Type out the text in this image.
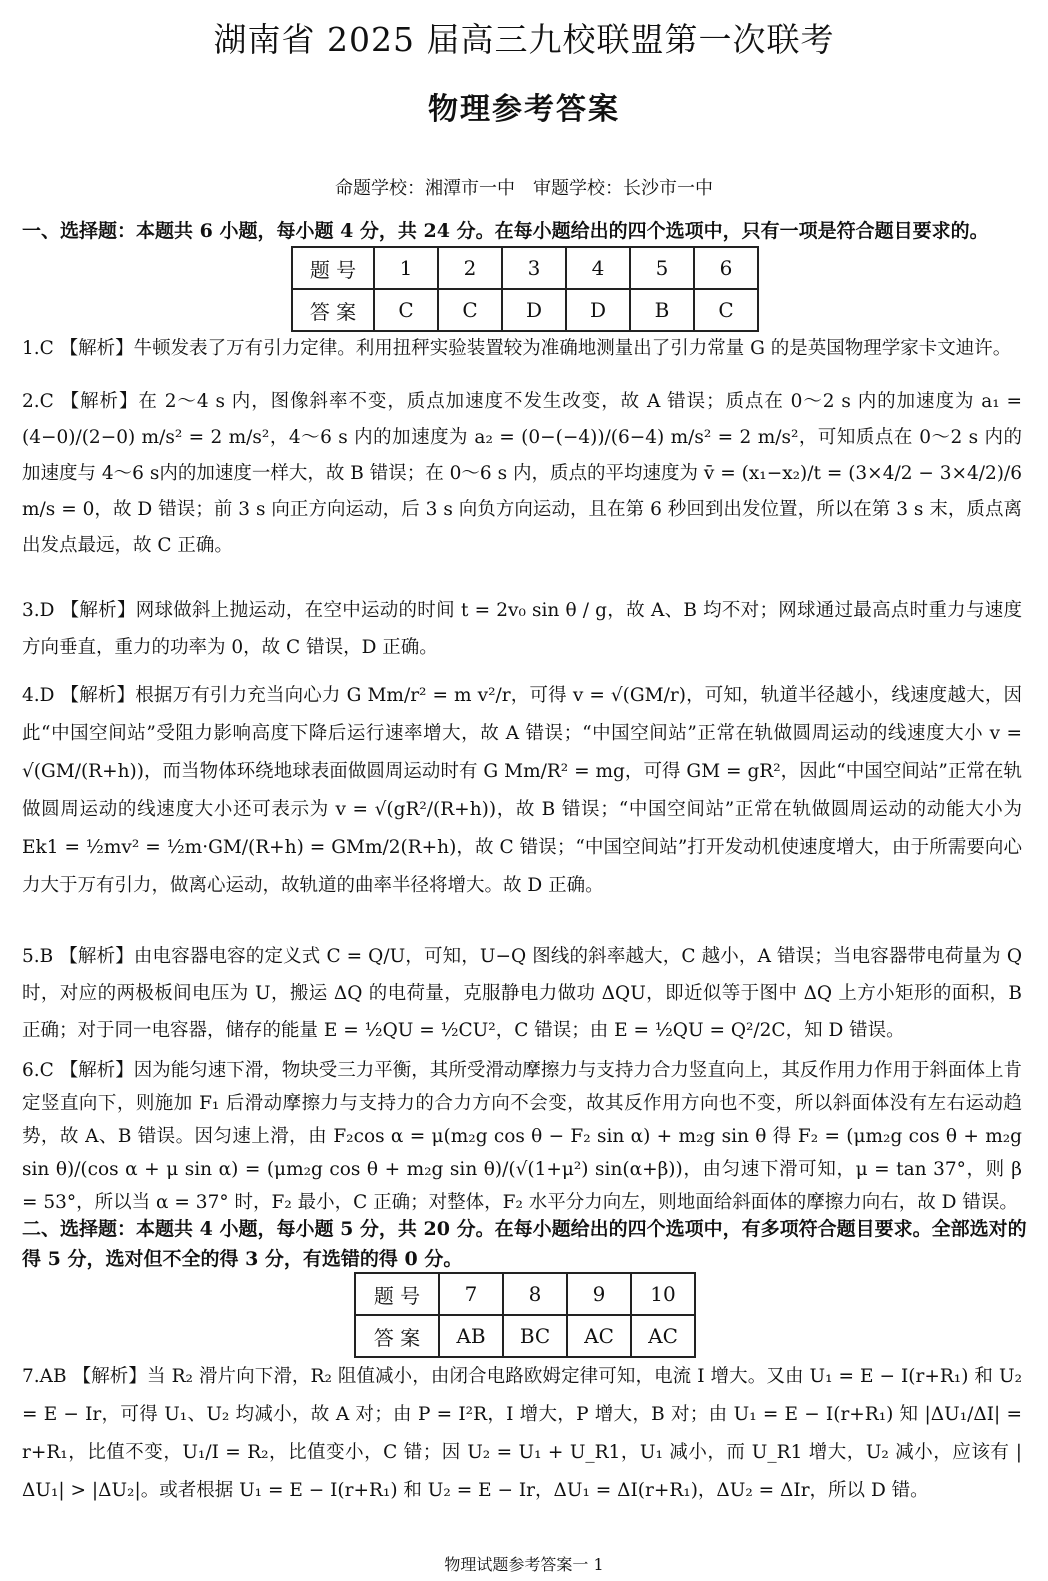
湖南省 2025 届高三九校联盟第一次联考
物理参考答案
命题学校：湘潭市一中　审题学校：长沙市一中
一、选择题：本题共 6 小题，每小题 4 分，共 24 分。在每小题给出的四个选项中，只有一项是符合题目要求的。
题 号	1	2	3	4	5	6
答 案	C	C	D	D	B	C
1.C 【解析】牛顿发表了万有引力定律。利用扭秤实验装置较为准确地测量出了引力常量 G 的是英国物理学家卡文迪许。
2.C 【解析】在 2～4 s 内，图像斜率不变，质点加速度不发生改变，故 A 错误；质点在 0～2 s 内的加速度为 a₁ = (4−0)/(2−0) m/s² = 2 m/s²，4～6 s 内的加速度为 a₂ = (0−(−4))/(6−4) m/s² = 2 m/s²，可知质点在 0～2 s 内的加速度与 4～6 s内的加速度一样大，故 B 错误；在 0～6 s 内，质点的平均速度为 v̄ = (x₁−x₂)/t = (3×4/2 − 3×4/2)/6 m/s = 0，故 D 错误；前 3 s 向正方向运动，后 3 s 向负方向运动，且在第 6 秒回到出发位置，所以在第 3 s 末，质点离出发点最远，故 C 正确。
3.D 【解析】网球做斜上抛运动，在空中运动的时间 t = 2v₀ sin θ / g，故 A、B 均不对；网球通过最高点时重力与速度方向垂直，重力的功率为 0，故 C 错误，D 正确。
4.D 【解析】根据万有引力充当向心力 G Mm/r² = m v²/r，可得 v = √(GM/r)，可知，轨道半径越小，线速度越大，因此“中国空间站”受阻力影响高度下降后运行速率增大，故 A 错误；“中国空间站”正常在轨做圆周运动的线速度大小 v = √(GM/(R+h))，而当物体环绕地球表面做圆周运动时有 G Mm/R² = mg，可得 GM = gR²，因此“中国空间站”正常在轨做圆周运动的线速度大小还可表示为 v = √(gR²/(R+h))，故 B 错误；“中国空间站”正常在轨做圆周运动的动能大小为 Ek1 = ½mv² = ½m·GM/(R+h) = GMm/2(R+h)，故 C 错误；“中国空间站”打开发动机使速度增大，由于所需要向心力大于万有引力，做离心运动，故轨道的曲率半径将增大。故 D 正确。
5.B 【解析】由电容器电容的定义式 C = Q/U，可知，U−Q 图线的斜率越大，C 越小，A 错误；当电容器带电荷量为 Q 时，对应的两极板间电压为 U，搬运 ΔQ 的电荷量，克服静电力做功 ΔQU，即近似等于图中 ΔQ 上方小矩形的面积，B 正确；对于同一电容器，储存的能量 E = ½QU = ½CU²，C 错误；由 E = ½QU = Q²/2C，知 D 错误。
6.C 【解析】因为能匀速下滑，物块受三力平衡，其所受滑动摩擦力与支持力合力竖直向上，其反作用力作用于斜面体上肯定竖直向下，则施加 F₁ 后滑动摩擦力与支持力的合力方向不会变，故其反作用方向也不变，所以斜面体没有左右运动趋势，故 A、B 错误。因匀速上滑，由 F₂cos α = μ(m₂g cos θ − F₂ sin α) + m₂g sin θ 得 F₂ = (μm₂g cos θ + m₂g sin θ)/(cos α + μ sin α) = (μm₂g cos θ + m₂g sin θ)/(√(1+μ²) sin(α+β))，由匀速下滑可知，μ = tan 37°，则 β = 53°，所以当 α = 37° 时，F₂ 最小，C 正确；对整体，F₂ 水平分力向左，则地面给斜面体的摩擦力向右，故 D 错误。
二、选择题：本题共 4 小题，每小题 5 分，共 20 分。在每小题给出的四个选项中，有多项符合题目要求。全部选对的得 5 分，选对但不全的得 3 分，有选错的得 0 分。
题 号	7	8	9	10
答 案	AB	BC	AC	AC
7.AB 【解析】当 R₂ 滑片向下滑，R₂ 阻值减小，由闭合电路欧姆定律可知，电流 I 增大。又由 U₁ = E − I(r+R₁) 和 U₂ = E − Ir，可得 U₁、U₂ 均减小，故 A 对；由 P = I²R，I 增大，P 增大，B 对；由 U₁ = E − I(r+R₁) 知 |ΔU₁/ΔI| = r+R₁，比值不变，U₁/I = R₂，比值变小，C 错；因 U₂ = U₁ + U_R1，U₁ 减小，而 U_R1 增大，U₂ 减小，应该有 |ΔU₁| > |ΔU₂|。或者根据 U₁ = E − I(r+R₁) 和 U₂ = E − Ir，ΔU₁ = ΔI(r+R₁)，ΔU₂ = ΔIr，所以 D 错。
物理试题参考答案一 1
